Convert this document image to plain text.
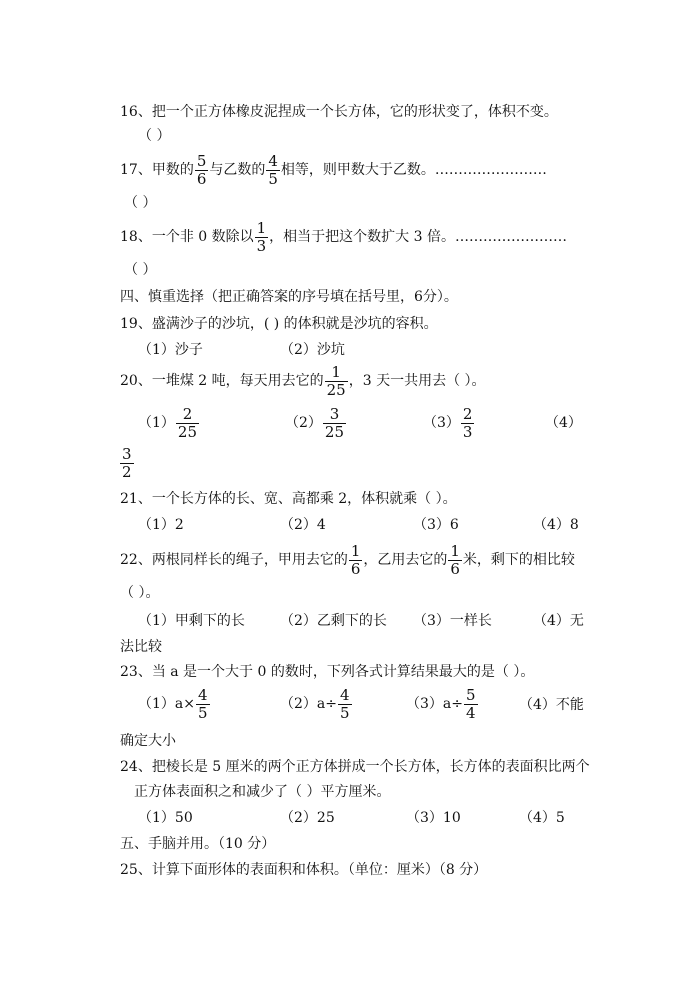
16、把一个正方体橡皮泥捏成一个长方体，它的形状变了，体积不变。
（ ）
17、甲数的 $\frac{5}{6}$ 与乙数的 $\frac{4}{5}$ 相等，则甲数大于乙数。……………………
（ ）
18、一个非 0 数除以 $\frac{1}{3}$ ，相当于把这个数扩大 3 倍。……………………
（ ）
四、慎重选择（把正确答案的序号填在括号里，6分）。
19、盛满沙子的沙坑，( ) 的体积就是沙坑的容积。
（1）沙子	（2）沙坑
20、一堆煤 2 吨，每天用去它的 $\frac{1}{25}$ ，3 天一共用去（ ）。
$(1) \frac{2}{25}$	$(2) \frac{3}{25}$	$(3) \frac{2}{3}$	（4）
$\frac{3}{2}$
21、一个长方体的长、宽、高都乘 2，体积就乘（ ）。
（1）2	（2）4	（3）6	（4）8
22、两根同样长的绳子，甲用去它的 $\frac{1}{6}$ ，乙用去它的 $\frac{1}{6}$ 米，剩下的相比较
（ ）。
（1）甲剩下的长	（2）乙剩下的长 （3）一样长	（4）无
法比较
23、当 a 是一个大于 0 的数时，下列各式计算结果最大的是（ ）。
$(1)a\times \frac{4}{5}$	$(2)a\div \frac{4}{5}$	$(3)a\div \frac{5}{4}$	（4）不能
确定大小
24、把棱长是 5 厘米的两个正方体拼成一个长方体，长方体的表面积比两个
正方体表面积之和减少了（ ）平方厘米。
（1）50	（2）25	（3）10	（4）5
五、手脑并用。（10 分）
25、计算下面形体的表面积和体积。（单位：厘米）（8 分）
